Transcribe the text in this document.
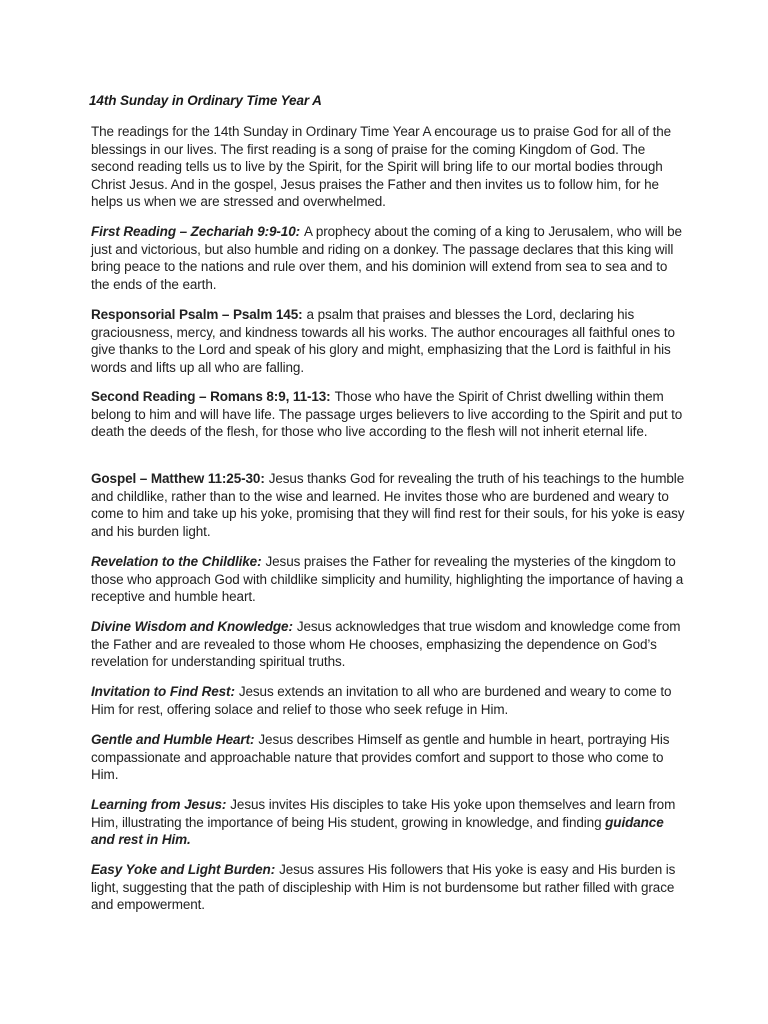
14th Sunday in Ordinary Time Year A
The readings for the 14th Sunday in Ordinary Time Year A encourage us to praise God for all of the blessings in our lives. The first reading is a song of praise for the coming Kingdom of God. The second reading tells us to live by the Spirit, for the Spirit will bring life to our mortal bodies through Christ Jesus. And in the gospel, Jesus praises the Father and then invites us to follow him, for he helps us when we are stressed and overwhelmed.
First Reading – Zechariah 9:9-10: A prophecy about the coming of a king to Jerusalem, who will be just and victorious, but also humble and riding on a donkey. The passage declares that this king will bring peace to the nations and rule over them, and his dominion will extend from sea to sea and to the ends of the earth.
Responsorial Psalm – Psalm 145: a psalm that praises and blesses the Lord, declaring his graciousness, mercy, and kindness towards all his works. The author encourages all faithful ones to give thanks to the Lord and speak of his glory and might, emphasizing that the Lord is faithful in his words and lifts up all who are falling.
Second Reading – Romans 8:9, 11-13: Those who have the Spirit of Christ dwelling within them belong to him and will have life. The passage urges believers to live according to the Spirit and put to death the deeds of the flesh, for those who live according to the flesh will not inherit eternal life.
Gospel – Matthew 11:25-30: Jesus thanks God for revealing the truth of his teachings to the humble and childlike, rather than to the wise and learned. He invites those who are burdened and weary to come to him and take up his yoke, promising that they will find rest for their souls, for his yoke is easy and his burden light.
Revelation to the Childlike: Jesus praises the Father for revealing the mysteries of the kingdom to those who approach God with childlike simplicity and humility, highlighting the importance of having a receptive and humble heart.
Divine Wisdom and Knowledge: Jesus acknowledges that true wisdom and knowledge come from the Father and are revealed to those whom He chooses, emphasizing the dependence on God’s revelation for understanding spiritual truths.
Invitation to Find Rest: Jesus extends an invitation to all who are burdened and weary to come to Him for rest, offering solace and relief to those who seek refuge in Him.
Gentle and Humble Heart: Jesus describes Himself as gentle and humble in heart, portraying His compassionate and approachable nature that provides comfort and support to those who come to Him.
Learning from Jesus: Jesus invites His disciples to take His yoke upon themselves and learn from Him, illustrating the importance of being His student, growing in knowledge, and finding guidance and rest in Him.
Easy Yoke and Light Burden: Jesus assures His followers that His yoke is easy and His burden is light, suggesting that the path of discipleship with Him is not burdensome but rather filled with grace and empowerment.
